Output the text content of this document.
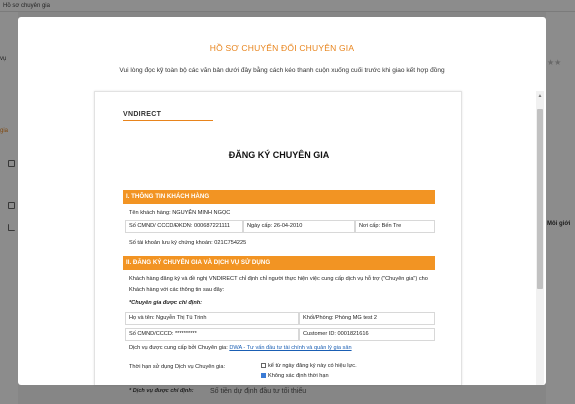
Hồ sơ chuyên gia
vụ
gia
★★
Môi giới
Số tiền dự định đầu tư tối thiểu
HỒ SƠ CHUYỂN ĐỔI CHUYÊN GIA
Vui lòng đọc kỹ toàn bộ các văn bản dưới đây bằng cách kéo thanh cuộn xuống cuối trước khi giao kết hợp đồng
VNDIRECT
ĐĂNG KÝ CHUYÊN GIA
I. THÔNG TIN KHÁCH HÀNG
Tên khách hàng: NGUYỄN MINH NGỌC
Số CMND/ CCCD/ĐKDN: 000687221111	Ngày cấp: 26-04-2010	Nơi cấp: Bến Tre
Số tài khoản lưu ký chứng khoán: 021C754225
II. ĐĂNG KÝ CHUYÊN GIA VÀ DỊCH VỤ SỬ DỤNG
Khách hàng đăng ký và đề nghị VNDIRECT chỉ định chỉ người thực hiện việc cung cấp dịch vụ hỗ trợ ("Chuyên gia") cho
Khách hàng với các thông tin sau đây:
*Chuyên gia được chỉ định:
Họ và tên: Nguyễn Thị Tú Trinh	Khối/Phòng: Phòng MG test 2
Số CMND/CCCD: **********	Customer ID: 0001821616
Dịch vụ được cung cấp bởi Chuyên gia: DWA - Tư vấn đầu tư tài chính và quản lý gia sản
Thời hạn sử dụng Dịch vụ Chuyên gia:	kể từ ngày đăng ký này có hiệu lực.
Không xác định thời hạn
* Dịch vụ được chỉ định:
▲
